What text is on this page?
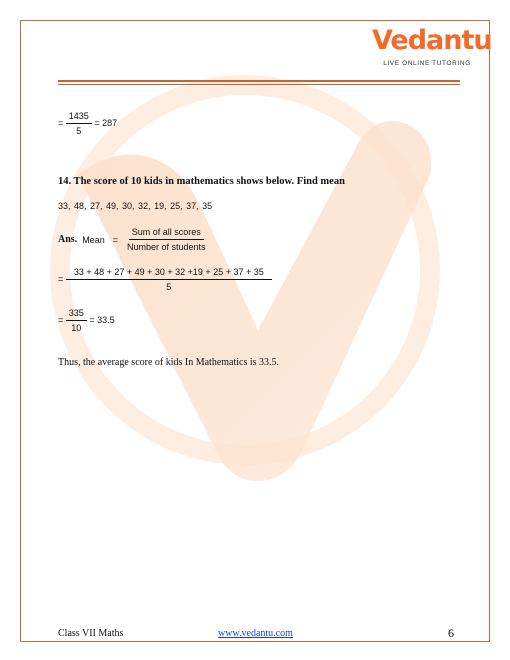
Vedantu
LIVE ONLINE TUTORING
= $\frac{1435}{5} = 287$
14. The score of 10 kids in mathematics shows below. Find mean
33, 48, 27, 49, 30, 32, 19, 25, 37, 35
Ans. Mean = $\frac{\text{Sum of all scores}}{\text{Number of students}}$
= $\frac{33 + 48 + 27 + 49 + 30 + 32 +19 + 25 + 37 + 35}{5}$
= $\frac{335}{10} = 33.5$
Thus, the average score of kids In Mathematics is 33.5.
Class VII Maths	www.vedantu.com	6
